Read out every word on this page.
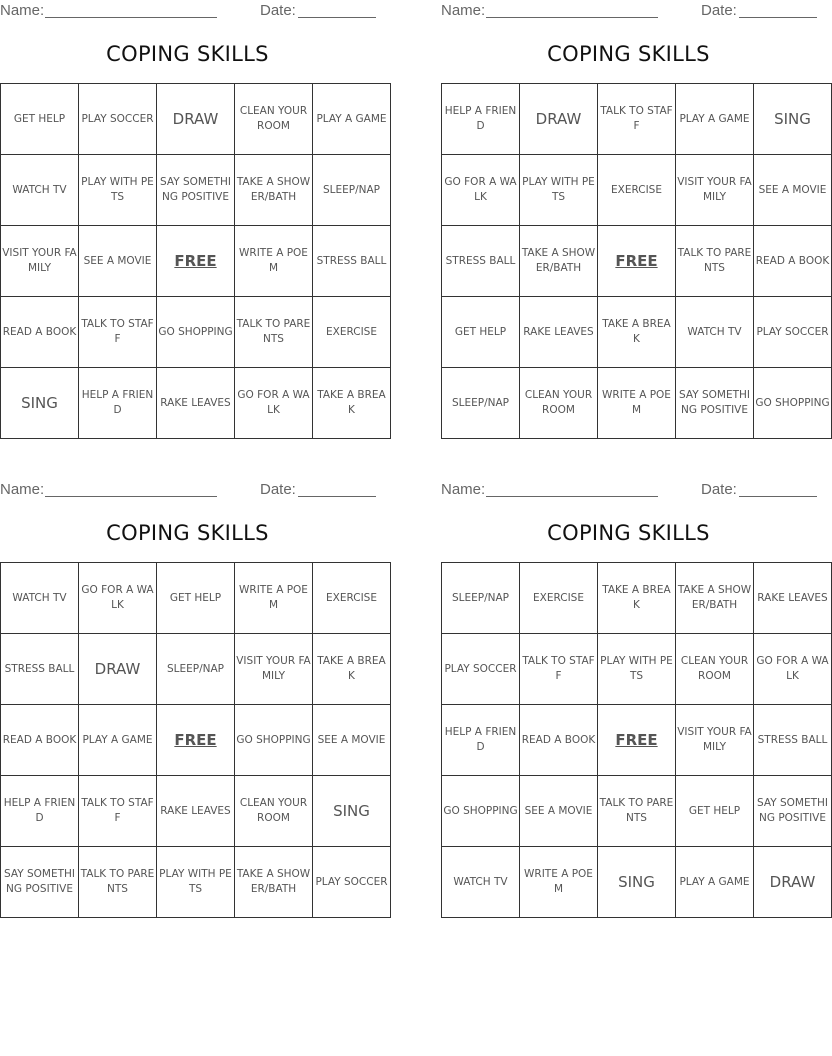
Name:	Date:
COPING SKILLS
GET HELP	PLAY SOCCER	DRAW	CLEAN YOUR ROOM	PLAY A GAME
WATCH TV	PLAY WITH PETS	SAY SOMETHING POSITIVE	TAKE A SHOWER/BATH	SLEEP/NAP
VISIT YOUR FAMILY	SEE A MOVIE	FREE	WRITE A POEM	STRESS BALL
READ A BOOK	TALK TO STAFF	GO SHOPPING	TALK TO PARENTS	EXERCISE
SING	HELP A FRIEND	RAKE LEAVES	GO FOR A WALK	TAKE A BREAK
Name:	Date:
COPING SKILLS
HELP A FRIEND	DRAW	TALK TO STAFF	PLAY A GAME	SING
GO FOR A WALK	PLAY WITH PETS	EXERCISE	VISIT YOUR FAMILY	SEE A MOVIE
STRESS BALL	TAKE A SHOWER/BATH	FREE	TALK TO PARENTS	READ A BOOK
GET HELP	RAKE LEAVES	TAKE A BREAK	WATCH TV	PLAY SOCCER
SLEEP/NAP	CLEAN YOUR ROOM	WRITE A POEM	SAY SOMETHING POSITIVE	GO SHOPPING
Name:	Date:
COPING SKILLS
WATCH TV	GO FOR A WALK	GET HELP	WRITE A POEM	EXERCISE
STRESS BALL	DRAW	SLEEP/NAP	VISIT YOUR FAMILY	TAKE A BREAK
READ A BOOK	PLAY A GAME	FREE	GO SHOPPING	SEE A MOVIE
HELP A FRIEND	TALK TO STAFF	RAKE LEAVES	CLEAN YOUR ROOM	SING
SAY SOMETHING POSITIVE	TALK TO PARENTS	PLAY WITH PETS	TAKE A SHOWER/BATH	PLAY SOCCER
Name:	Date:
COPING SKILLS
SLEEP/NAP	EXERCISE	TAKE A BREAK	TAKE A SHOWER/BATH	RAKE LEAVES
PLAY SOCCER	TALK TO STAFF	PLAY WITH PETS	CLEAN YOUR ROOM	GO FOR A WALK
HELP A FRIEND	READ A BOOK	FREE	VISIT YOUR FAMILY	STRESS BALL
GO SHOPPING	SEE A MOVIE	TALK TO PARENTS	GET HELP	SAY SOMETHING POSITIVE
WATCH TV	WRITE A POEM	SING	PLAY A GAME	DRAW
